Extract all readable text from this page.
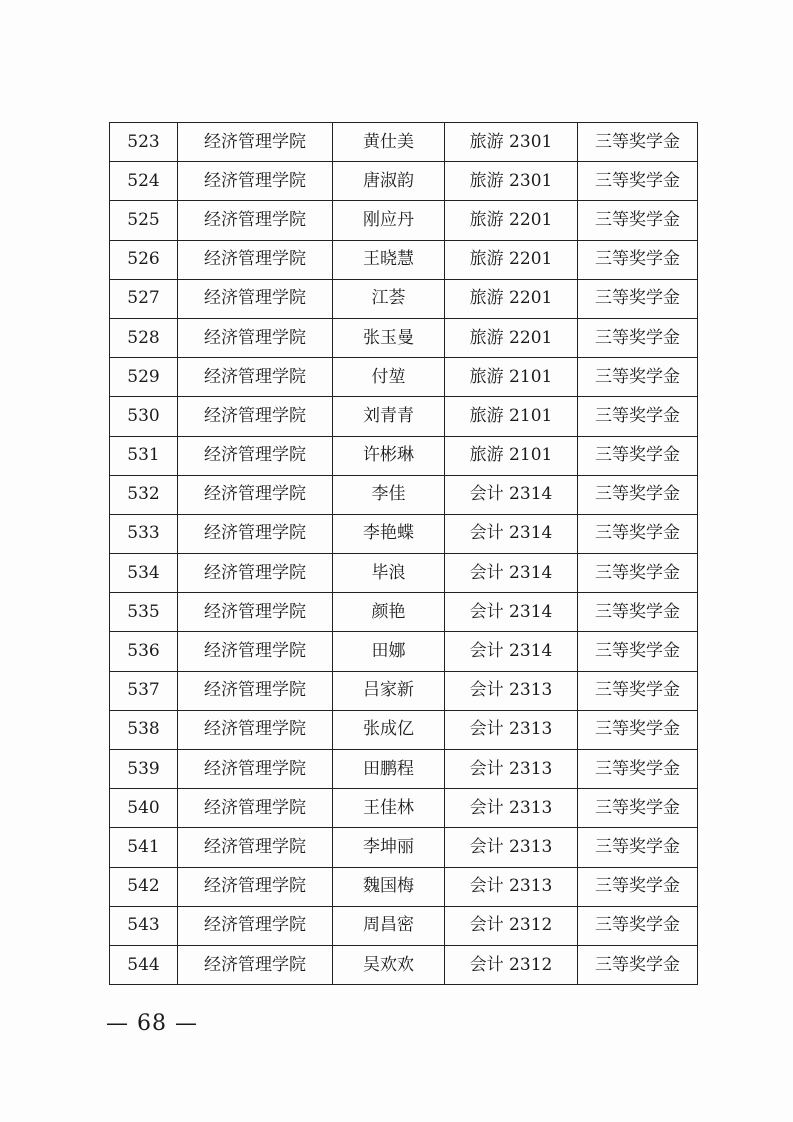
523	经济管理学院	黄仕美	旅游 2301	三等奖学金
524	经济管理学院	唐淑韵	旅游 2301	三等奖学金
525	经济管理学院	刚应丹	旅游 2201	三等奖学金
526	经济管理学院	王晓慧	旅游 2201	三等奖学金
527	经济管理学院	江荟	旅游 2201	三等奖学金
528	经济管理学院	张玉曼	旅游 2201	三等奖学金
529	经济管理学院	付堃	旅游 2101	三等奖学金
530	经济管理学院	刘青青	旅游 2101	三等奖学金
531	经济管理学院	许彬琳	旅游 2101	三等奖学金
532	经济管理学院	李佳	会计 2314	三等奖学金
533	经济管理学院	李艳蝶	会计 2314	三等奖学金
534	经济管理学院	毕浪	会计 2314	三等奖学金
535	经济管理学院	颜艳	会计 2314	三等奖学金
536	经济管理学院	田娜	会计 2314	三等奖学金
537	经济管理学院	吕家新	会计 2313	三等奖学金
538	经济管理学院	张成亿	会计 2313	三等奖学金
539	经济管理学院	田鹏程	会计 2313	三等奖学金
540	经济管理学院	王佳林	会计 2313	三等奖学金
541	经济管理学院	李坤丽	会计 2313	三等奖学金
542	经济管理学院	魏国梅	会计 2313	三等奖学金
543	经济管理学院	周昌密	会计 2312	三等奖学金
544	经济管理学院	吴欢欢	会计 2312	三等奖学金
— 68 —
